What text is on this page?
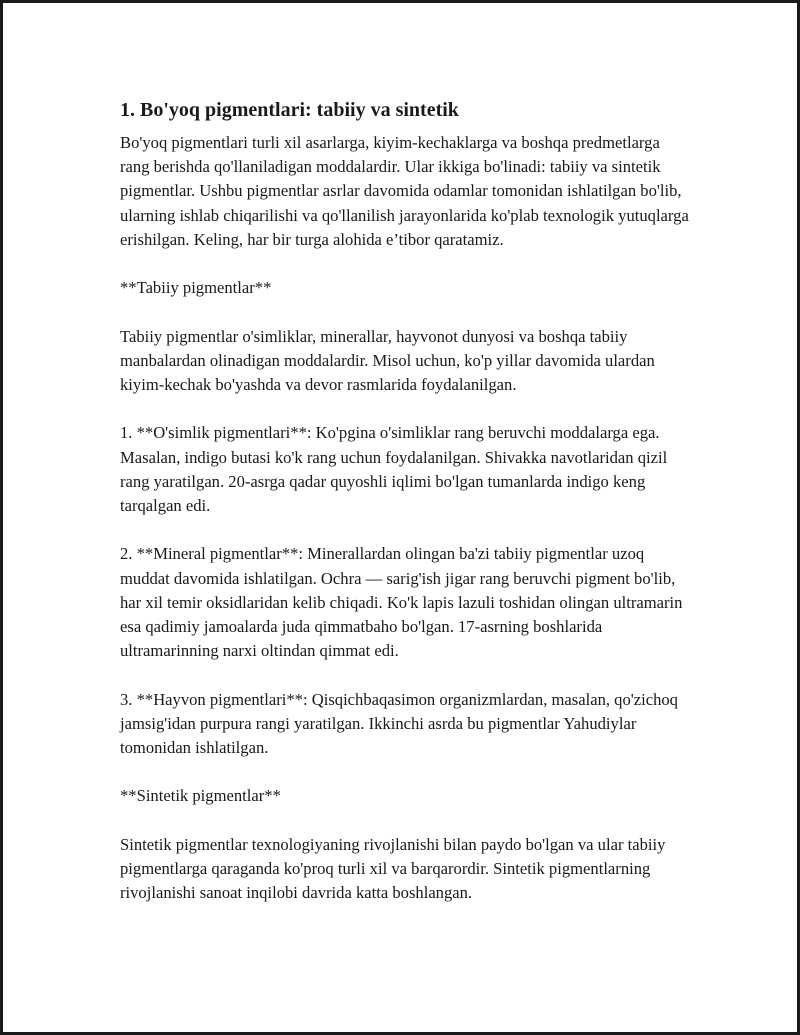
1. Bo'yoq pigmentlari: tabiiy va sintetik

Bo'yoq pigmentlari turli xil asarlarga, kiyim-kechaklarga va boshqa predmetlarga rang berishda qo'llaniladigan moddalardir. Ular ikkiga bo'linadi: tabiiy va sintetik pigmentlar. Ushbu pigmentlar asrlar davomida odamlar tomonidan ishlatilgan bo'lib, ularning ishlab chiqarilishi va qo'llanilish jarayonlarida ko'plab texnologik yutuqlarga erishilgan. Keling, har bir turga alohida e’tibor qaratamiz.

**Tabiiy pigmentlar**

Tabiiy pigmentlar o'simliklar, minerallar, hayvonot dunyosi va boshqa tabiiy manbalardan olinadigan moddalardir. Misol uchun, ko'p yillar davomida ulardan kiyim-kechak bo'yashda va devor rasmlarida foydalanilgan.

1. **O'simlik pigmentlari**: Ko'pgina o'simliklar rang beruvchi moddalarga ega. Masalan, indigo butasi ko'k rang uchun foydalanilgan. Shivakka navotlaridan qizil rang yaratilgan. 20-asrga qadar quyoshli iqlimi bo'lgan tumanlarda indigo keng tarqalgan edi.

2. **Mineral pigmentlar**: Minerallardan olingan ba'zi tabiiy pigmentlar uzoq muddat davomida ishlatilgan. Ochra — sarig'ish jigar rang beruvchi pigment bo'lib, har xil temir oksidlaridan kelib chiqadi. Ko'k lapis lazuli toshidan olingan ultramarin esa qadimiy jamoalarda juda qimmatbaho bo'lgan. 17-asrning boshlarida ultramarinning narxi oltindan qimmat edi.

3. **Hayvon pigmentlari**: Qisqichbaqasimon organizmlardan, masalan, qo'zichoq jamsig'idan purpura rangi yaratilgan. Ikkinchi asrda bu pigmentlar Yahudiylar tomonidan ishlatilgan.

**Sintetik pigmentlar**

Sintetik pigmentlar texnologiyaning rivojlanishi bilan paydo bo'lgan va ular tabiiy pigmentlarga qaraganda ko'proq turli xil va barqarordir. Sintetik pigmentlarning rivojlanishi sanoat inqilobi davrida katta boshlangan.
